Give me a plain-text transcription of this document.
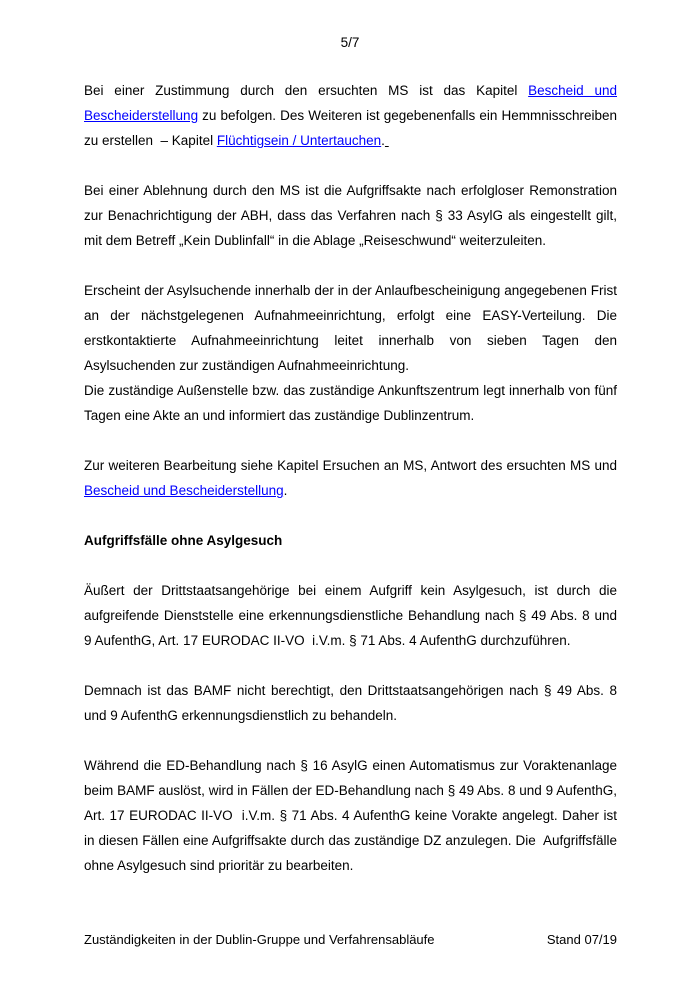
5/7

Bei einer Zustimmung durch den ersuchten MS ist das Kapitel Bescheid und Bescheiderstellung zu befolgen. Des Weiteren ist gegebenenfalls ein Hemmnisschreiben zu erstellen  – Kapitel Flüchtigsein / Untertauchen.

Bei einer Ablehnung durch den MS ist die Aufgriffsakte nach erfolgloser Remonstration zur Benachrichtigung der ABH, dass das Verfahren nach § 33 AsylG als eingestellt gilt, mit dem Betreff „Kein Dublinfall“ in die Ablage „Reiseschwund“ weiterzuleiten.

Erscheint der Asylsuchende innerhalb der in der Anlaufbescheinigung angegebenen Frist an der nächstgelegenen Aufnahmeeinrichtung, erfolgt eine EASY-Verteilung. Die erstkontaktierte Aufnahmeeinrichtung leitet innerhalb von sieben Tagen den Asylsuchenden zur zuständigen Aufnahmeeinrichtung.

Die zuständige Außenstelle bzw. das zuständige Ankunftszentrum legt innerhalb von fünf Tagen eine Akte an und informiert das zuständige Dublinzentrum.

Zur weiteren Bearbeitung siehe Kapitel Ersuchen an MS, Antwort des ersuchten MS und Bescheid und Bescheiderstellung.

Aufgriffsfälle ohne Asylgesuch

Äußert der Drittstaatsangehörige bei einem Aufgriff kein Asylgesuch, ist durch die aufgreifende Dienststelle eine erkennungsdienstliche Behandlung nach § 49 Abs. 8 und 9 AufenthG, Art. 17 EURODAC II-VO  i.V.m. § 71 Abs. 4 AufenthG durchzuführen.

Demnach ist das BAMF nicht berechtigt, den Drittstaatsangehörigen nach § 49 Abs. 8 und 9 AufenthG erkennungsdienstlich zu behandeln.

Während die ED-Behandlung nach § 16 AsylG einen Automatismus zur Voraktenanlage beim BAMF auslöst, wird in Fällen der ED-Behandlung nach § 49 Abs. 8 und 9 AufenthG, Art. 17 EURODAC II-VO  i.V.m. § 71 Abs. 4 AufenthG keine Vorakte angelegt. Daher ist in diesen Fällen eine Aufgriffsakte durch das zuständige DZ anzulegen. Die  Aufgriffsfälle ohne Asylgesuch sind prioritär zu bearbeiten.

Zuständigkeiten in der Dublin-Gruppe und Verfahrensabläufe	Stand 07/19
